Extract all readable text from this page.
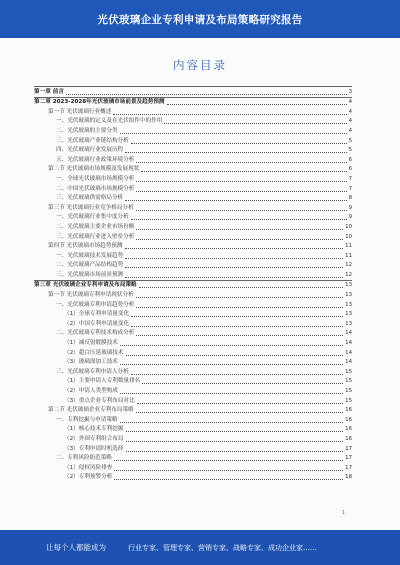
光伏玻璃企业专利申请及布局策略研究报告
内容目录
第一章 前言	3
第二章 2023-2028年光伏玻璃市场前景及趋势预测	4
第一节 光伏玻璃行业概述	4
一、光伏玻璃的定义及在光伏组件中的作用	4
二、光伏玻璃的主要分类	4
三、光伏玻璃产业链结构分析	5
四、光伏玻璃行业发展历程	5
五、光伏玻璃行业政策环境分析	6
第二节 光伏玻璃市场规模及发展现状	6
一、全球光伏玻璃市场规模分析	7
二、中国光伏玻璃市场规模分析	7
三、光伏玻璃供需格局分析	8
第三节 光伏玻璃行业竞争格局分析	9
一、光伏玻璃行业集中度分析	9
二、光伏玻璃主要企业市场份额	10
三、光伏玻璃行业进入壁垒分析	10
第四节 光伏玻璃市场趋势预测	11
一、光伏玻璃技术发展趋势	11
二、光伏玻璃产品结构趋势	12
三、光伏玻璃市场前景预测	12
第三章 光伏玻璃企业专利申请及布局策略	13
第一节 光伏玻璃专利申请现状分析	13
一、光伏玻璃专利申请趋势分析	13
（1）全球专利申请量变化	13
（2）中国专利申请量变化	13
二、光伏玻璃专利技术构成分析	14
（1）减反射镀膜技术	14
（2）超白压延玻璃技术	14
（3）玻璃深加工技术	14
三、光伏玻璃专利申请人分析	15
（1）主要申请人专利数量排名	15
（2）申请人类型构成	15
（3）重点企业专利布局对比	15
第二节 光伏玻璃企业专利布局策略	16
一、专利挖掘与申请策略	16
（1）核心技术专利挖掘	16
（2）外围专利组合布局	16
（3）专利申请时机选择	17
二、专利风险防范策略	17
（1）侵权风险排查	17
（2）专利预警分析	18
1
让每个人都能成为	行业专家、管理专家、营销专家、战略专家、成功企业家……
